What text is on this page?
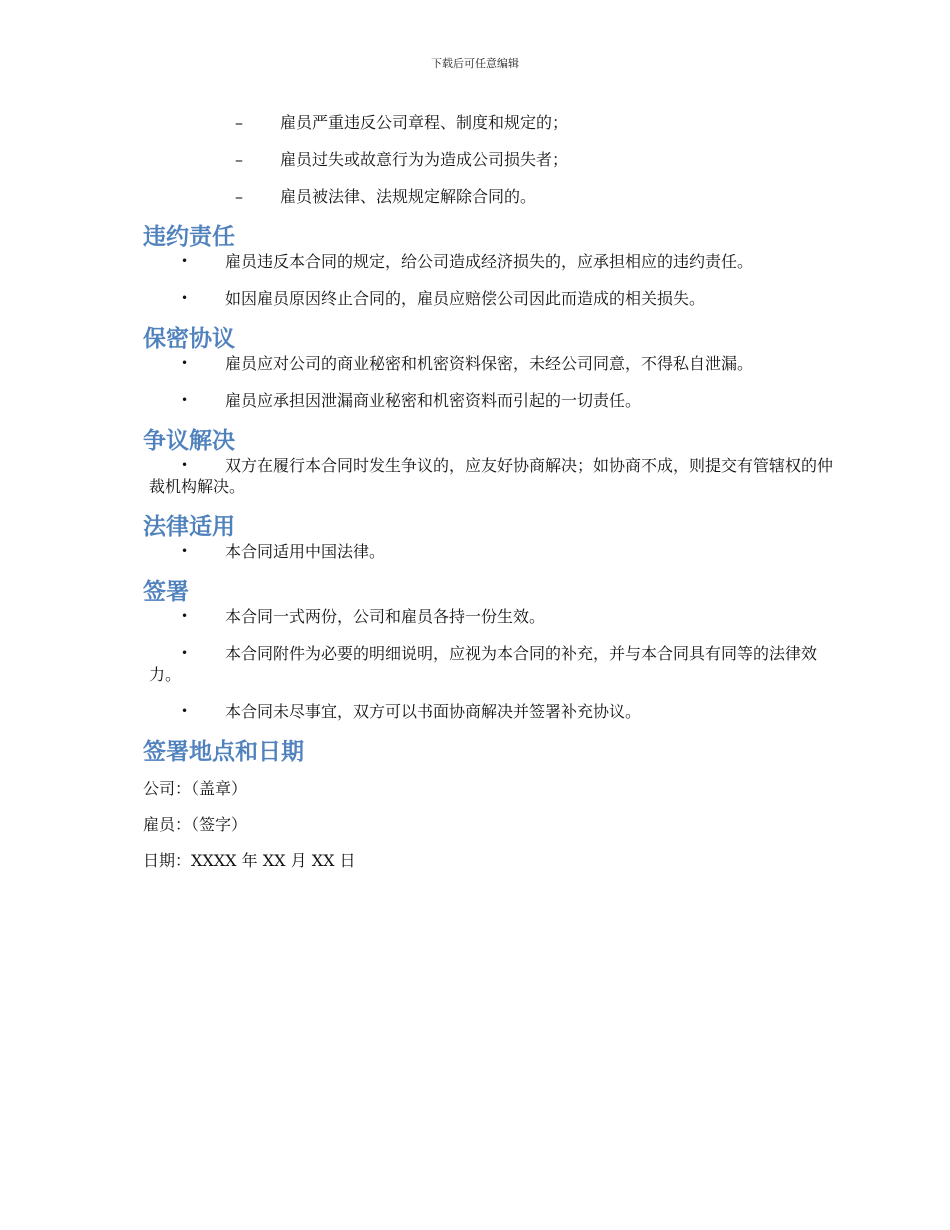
下载后可任意编辑
– 雇员严重违反公司章程、制度和规定的；
– 雇员过失或故意行为为造成公司损失者；
– 雇员被法律、法规规定解除合同的。
违约责任
• 雇员违反本合同的规定，给公司造成经济损失的，应承担相应的违约责任。
• 如因雇员原因终止合同的，雇员应赔偿公司因此而造成的相关损失。
保密协议
• 雇员应对公司的商业秘密和机密资料保密，未经公司同意，不得私自泄漏。
• 雇员应承担因泄漏商业秘密和机密资料而引起的一切责任。
争议解决
• 双方在履行本合同时发生争议的，应友好协商解决；如协商不成，则提交有管辖权的仲裁机构解决。
法律适用
• 本合同适用中国法律。
签署
• 本合同一式两份，公司和雇员各持一份生效。
• 本合同附件为必要的明细说明，应视为本合同的补充，并与本合同具有同等的法律效力。
• 本合同未尽事宜，双方可以书面协商解决并签署补充协议。
签署地点和日期
公司：（盖章）
雇员：（签字）
日期：XXXX 年 XX 月 XX 日
